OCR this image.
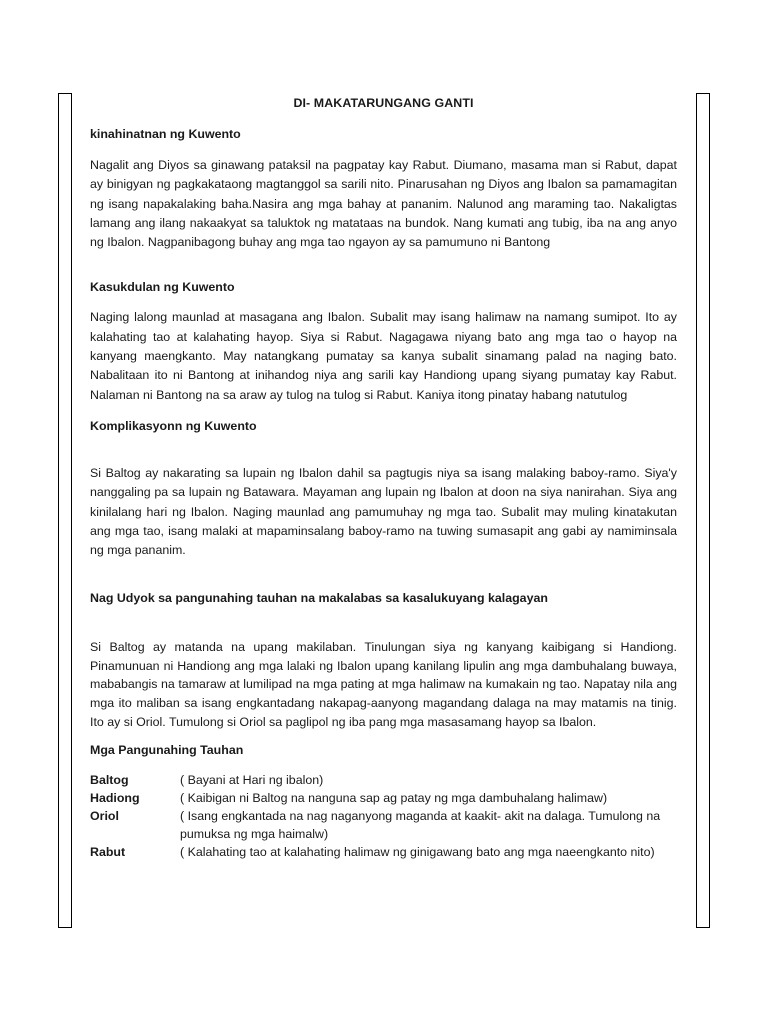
DI- MAKATARUNGANG GANTI

kinahinatnan ng Kuwento

Nagalit ang Diyos sa ginawang pataksil na pagpatay kay Rabut. Diumano, masama man si Rabut, dapat ay binigyan ng pagkakataong magtanggol sa sarili nito. Pinarusahan ng Diyos ang Ibalon sa pamamagitan ng isang napakalaking baha.Nasira ang mga bahay at pananim. Nalunod ang maraming tao. Nakaligtas lamang ang ilang nakaakyat sa taluktok ng matataas na bundok. Nang kumati ang tubig, iba na ang anyo ng Ibalon. Nagpanibagong buhay ang mga tao ngayon ay sa pamumuno ni Bantong

Kasukdulan ng Kuwento

Naging lalong maunlad at masagana ang Ibalon. Subalit may isang halimaw na namang sumipot. Ito ay kalahating tao at kalahating hayop. Siya si Rabut. Nagagawa niyang bato ang mga tao o hayop na kanyang maengkanto. May natangkang pumatay sa kanya subalit sinamang palad na naging bato. Nabalitaan ito ni Bantong at inihandog niya ang sarili kay Handiong upang siyang pumatay kay Rabut. Nalaman ni Bantong na sa araw ay tulog na tulog si Rabut. Kaniya itong pinatay habang natutulog

Komplikasyonn ng Kuwento

Si Baltog ay nakarating sa lupain ng Ibalon dahil sa pagtugis niya sa isang malaking baboy-ramo. Siya'y nanggaling pa sa lupain ng Batawara. Mayaman ang lupain ng Ibalon at doon na siya nanirahan. Siya ang kinilalang hari ng Ibalon. Naging maunlad ang pamumuhay ng mga tao. Subalit may muling kinatakutan ang mga tao, isang malaki at mapaminsalang baboy-ramo na tuwing sumasapit ang gabi ay namiminsala ng mga pananim.

Nag Udyok sa pangunahing tauhan na makalabas sa kasalukuyang kalagayan

Si Baltog ay matanda na upang makilaban. Tinulungan siya ng kanyang kaibigang si Handiong. Pinamunuan ni Handiong ang mga lalaki ng Ibalon upang kanilang lipulin ang mga dambuhalang buwaya, mababangis na tamaraw at lumilipad na mga pating at mga halimaw na kumakain ng tao. Napatay nila ang mga ito maliban sa isang engkantadang nakapag-aanyong magandang dalaga na may matamis na tinig. Ito ay si Oriol. Tumulong si Oriol sa paglipol ng iba pang mga masasamang hayop sa Ibalon.

Mga Pangunahing Tauhan

Baltog	( Bayani at Hari ng ibalon)
Hadiong	( Kaibigan ni Baltog na nanguna sap ag patay ng mga dambuhalang halimaw)
Oriol	( Isang engkantada na nag naganyong maganda at kaakit- akit na dalaga. Tumulong na pumuksa ng mga haimalw)
Rabut	( Kalahating tao at kalahating halimaw ng ginigawang bato ang mga naeengkanto nito)
